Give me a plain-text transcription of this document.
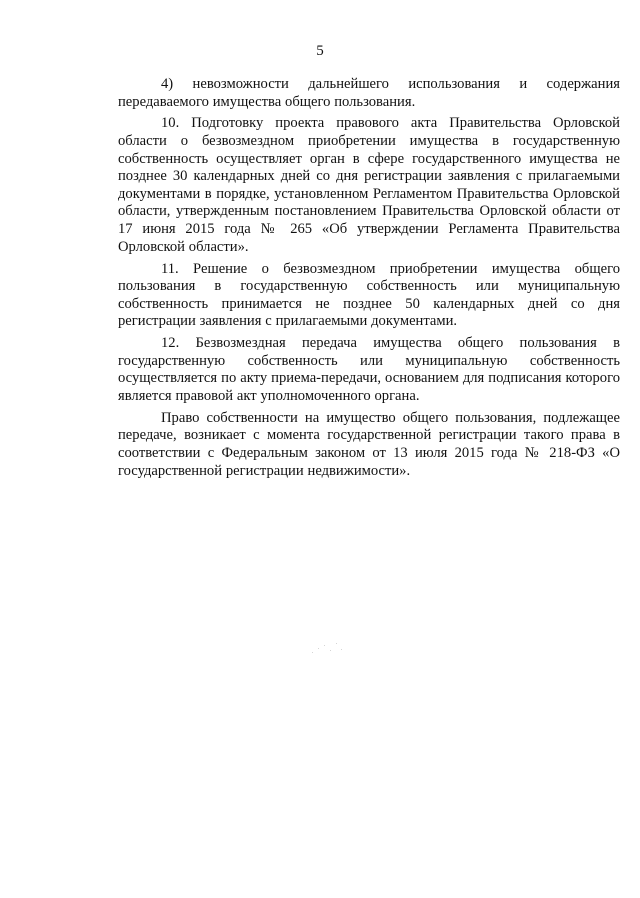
5

4) невозможности дальнейшего использования и содержания передаваемого имущества общего пользования.

10. Подготовку проекта правового акта Правительства Орловской области о безвозмездном приобретении имущества в государственную собственность осуществляет орган в сфере государственного имущества не позднее 30 календарных дней со дня регистрации заявления с прилагаемыми документами в порядке, установленном Регламентом Правительства Орловской области, утвержденным постановлением Правительства Орловской области от 17 июня 2015 года № 265 «Об утверждении Регламента Правительства Орловской области».

11. Решение о безвозмездном приобретении имущества общего пользования в государственную собственность или муниципальную собственность принимается не позднее 50 календарных дней со дня регистрации заявления с прилагаемыми документами.

12. Безвозмездная передача имущества общего пользования в государственную собственность или муниципальную собственность осуществляется по акту приема-передачи, основанием для подписания которого является правовой акт уполномоченного органа.

Право собственности на имущество общего пользования, подлежащее передаче, возникает с момента государственной регистрации такого права в соответствии с Федеральным законом от 13 июля 2015 года № 218-ФЗ «О государственной регистрации недвижимости».
